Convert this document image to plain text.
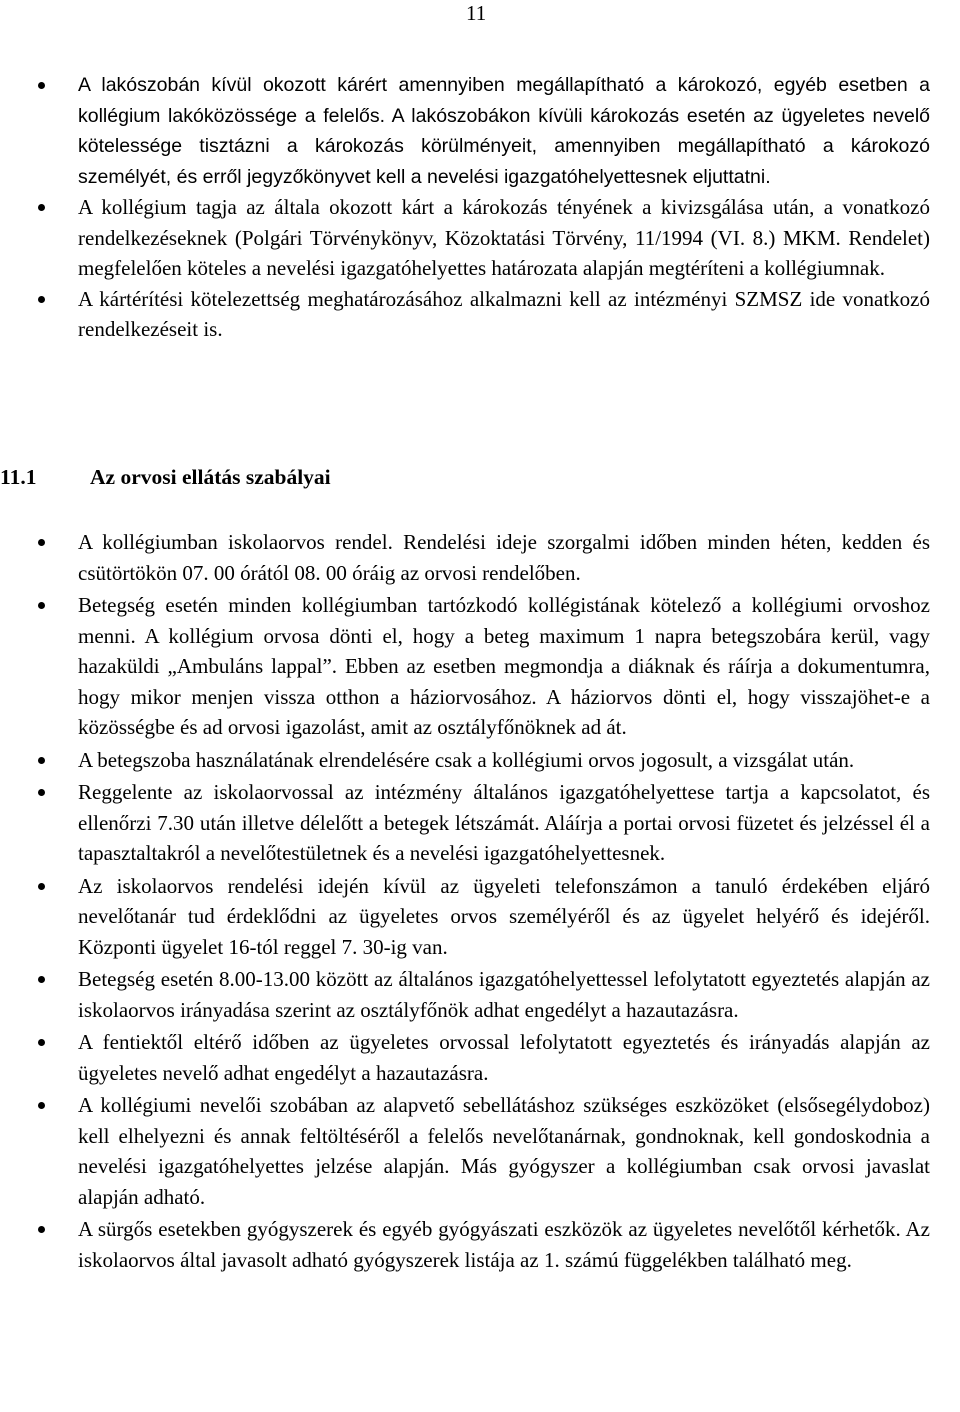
11
A lakószobán kívül okozott kárért amennyiben megállapítható a károkozó, egyéb esetben a kollégium lakóközössége a felelős. A lakószobákon kívüli károkozás esetén az ügyeletes nevelő kötelessége tisztázni a károkozás körülményeit, amennyiben megállapítható a károkozó személyét, és erről jegyzőkönyvet kell a nevelési igazgatóhelyettesnek eljuttatni.
A kollégium tagja az általa okozott kárt a károkozás tényének a kivizsgálása után, a vonatkozó rendelkezéseknek (Polgári Törvénykönyv, Közoktatási Törvény, 11/1994 (VI. 8.) MKM. Rendelet) megfelelően köteles a nevelési igazgatóhelyettes határozata alapján megtéríteni a kollégiumnak.
A kártérítési kötelezettség meghatározásához alkalmazni kell az intézményi SZMSZ ide vonatkozó rendelkezéseit is.
11.1 Az orvosi ellátás szabályai
A kollégiumban iskolaorvos rendel. Rendelési ideje szorgalmi időben minden héten, kedden és csütörtökön 07. 00 órától 08. 00 óráig az orvosi rendelőben.
Betegség esetén minden kollégiumban tartózkodó kollégistának kötelező a kollégiumi orvoshoz menni. A kollégium orvosa dönti el, hogy a beteg maximum 1 napra betegszobára kerül, vagy hazaküldi „Ambuláns lappal”. Ebben az esetben megmondja a diáknak és ráírja a dokumentumra, hogy mikor menjen vissza otthon a háziorvosához. A háziorvos dönti el, hogy visszajöhet-e a közösségbe és ad orvosi igazolást, amit az osztályfőnöknek ad át.
A betegszoba használatának elrendelésére csak a kollégiumi orvos jogosult, a vizsgálat után.
Reggelente az iskolaorvossal az intézmény általános igazgatóhelyettese tartja a kapcsolatot, és ellenőrzi 7.30 után illetve délelőtt a betegek létszámát. Aláírja a portai orvosi füzetet és jelzéssel él a tapasztaltakról a nevelőtestületnek és a nevelési igazgatóhelyettesnek.
Az iskolaorvos rendelési idején kívül az ügyeleti telefonszámon a tanuló érdekében eljáró nevelőtanár tud érdeklődni az ügyeletes orvos személyéről és az ügyelet helyérő és idejéről. Központi ügyelet 16-tól reggel 7. 30-ig van.
Betegség esetén 8.00-13.00 között az általános igazgatóhelyettessel lefolytatott egyeztetés alapján az iskolaorvos irányadása szerint az osztályfőnök adhat engedélyt a hazautazásra.
A fentiektől eltérő időben az ügyeletes orvossal lefolytatott egyeztetés és irányadás alapján az ügyeletes nevelő adhat engedélyt a hazautazásra.
A kollégiumi nevelői szobában az alapvető sebellátáshoz szükséges eszközöket (elsősegélydoboz) kell elhelyezni és annak feltöltéséről a felelős nevelőtanárnak, gondnoknak, kell gondoskodnia a nevelési igazgatóhelyettes jelzése alapján. Más gyógyszer a kollégiumban csak orvosi javaslat alapján adható.
A sürgős esetekben gyógyszerek és egyéb gyógyászati eszközök az ügyeletes nevelőtől kérhetők. Az iskolaorvos által javasolt adható gyógyszerek listája az 1. számú függelékben található meg.
